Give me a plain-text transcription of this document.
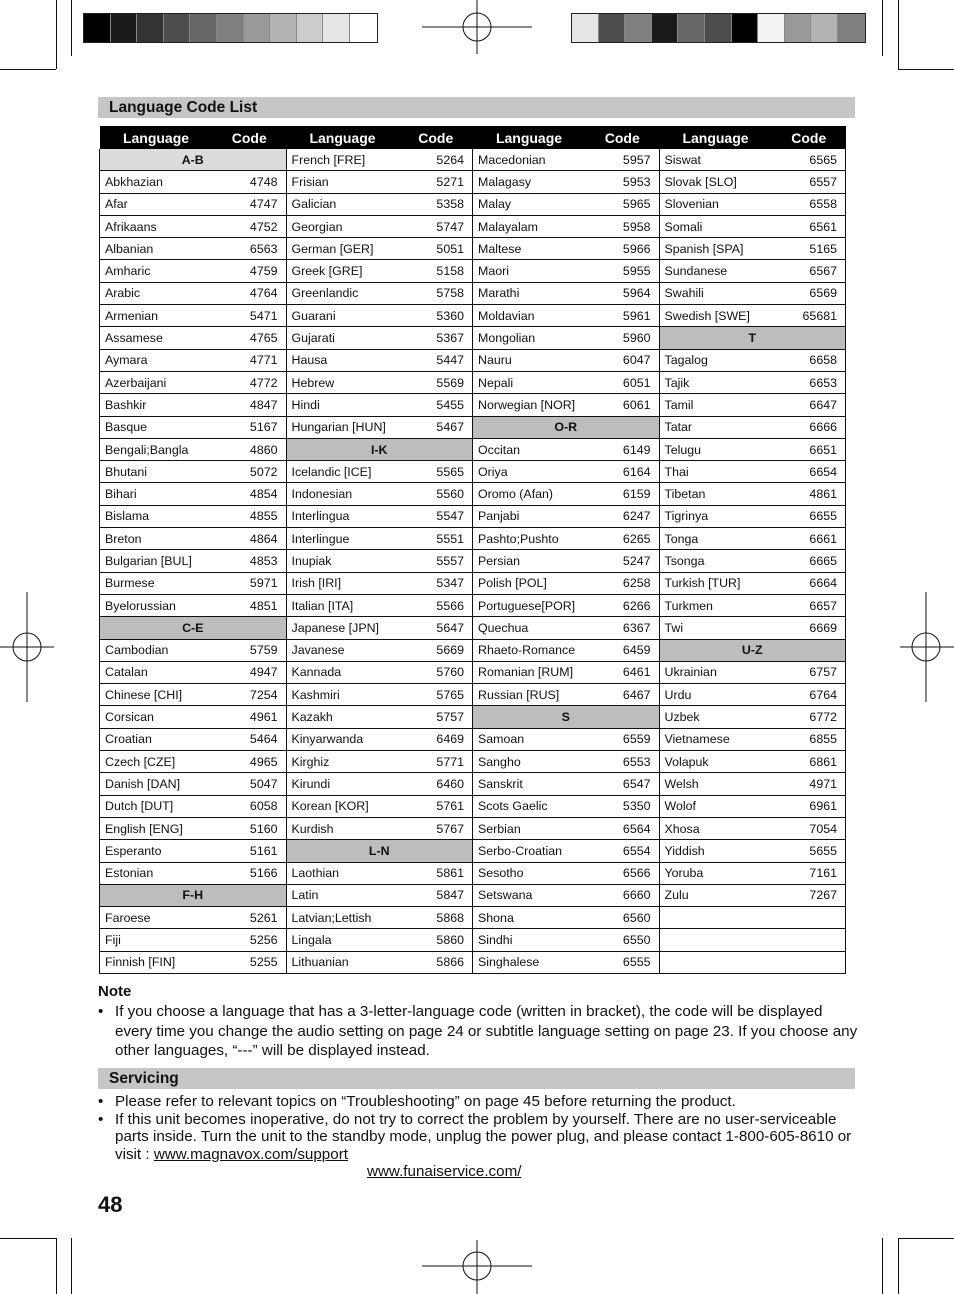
Language Code List
Language	Code	Language	Code	Language	Code	Language	Code
A-B		French [FRE]	5264	Macedonian	5957	Siswat	6565
Abkhazian	4748	Frisian	5271	Malagasy	5953	Slovak [SLO]	6557
Afar	4747	Galician	5358	Malay	5965	Slovenian	6558
Afrikaans	4752	Georgian	5747	Malayalam	5958	Somali	6561
Albanian	6563	German [GER]	5051	Maltese	5966	Spanish [SPA]	5165
Amharic	4759	Greek [GRE]	5158	Maori	5955	Sundanese	6567
Arabic	4764	Greenlandic	5758	Marathi	5964	Swahili	6569
Armenian	5471	Guarani	5360	Moldavian	5961	Swedish [SWE]	65681
Assamese	4765	Gujarati	5367	Mongolian	5960	T	
Aymara	4771	Hausa	5447	Nauru	6047	Tagalog	6658
Azerbaijani	4772	Hebrew	5569	Nepali	6051	Tajik	6653
Bashkir	4847	Hindi	5455	Norwegian [NOR]	6061	Tamil	6647
Basque	5167	Hungarian [HUN]	5467	O-R		Tatar	6666
Bengali;Bangla	4860	I-K		Occitan	6149	Telugu	6651
Bhutani	5072	Icelandic [ICE]	5565	Oriya	6164	Thai	6654
Bihari	4854	Indonesian	5560	Oromo (Afan)	6159	Tibetan	4861
Bislama	4855	Interlingua	5547	Panjabi	6247	Tigrinya	6655
Breton	4864	Interlingue	5551	Pashto;Pushto	6265	Tonga	6661
Bulgarian [BUL]	4853	Inupiak	5557	Persian	5247	Tsonga	6665
Burmese	5971	Irish [IRI]	5347	Polish [POL]	6258	Turkish [TUR]	6664
Byelorussian	4851	Italian [ITA]	5566	Portuguese[POR]	6266	Turkmen	6657
C-E		Japanese [JPN]	5647	Quechua	6367	Twi	6669
Cambodian	5759	Javanese	5669	Rhaeto-Romance	6459	U-Z	
Catalan	4947	Kannada	5760	Romanian [RUM]	6461	Ukrainian	6757
Chinese [CHI]	7254	Kashmiri	5765	Russian [RUS]	6467	Urdu	6764
Corsican	4961	Kazakh	5757	S		Uzbek	6772
Croatian	5464	Kinyarwanda	6469	Samoan	6559	Vietnamese	6855
Czech [CZE]	4965	Kirghiz	5771	Sangho	6553	Volapuk	6861
Danish [DAN]	5047	Kirundi	6460	Sanskrit	6547	Welsh	4971
Dutch [DUT]	6058	Korean [KOR]	5761	Scots Gaelic	5350	Wolof	6961
English [ENG]	5160	Kurdish	5767	Serbian	6564	Xhosa	7054
Esperanto	5161	L-N		Serbo-Croatian	6554	Yiddish	5655
Estonian	5166	Laothian	5861	Sesotho	6566	Yoruba	7161
F-H		Latin	5847	Setswana	6660	Zulu	7267
Faroese	5261	Latvian;Lettish	5868	Shona	6560		
Fiji	5256	Lingala	5860	Sindhi	6550		
Finnish [FIN]	5255	Lithuanian	5866	Singhalese	6555		
Note
• If you choose a language that has a 3-letter-language code (written in bracket), the code will be displayed every time you change the audio setting on page 24 or subtitle language setting on page 23. If you choose any other languages, “---” will be displayed instead.
Servicing
• Please refer to relevant topics on “Troubleshooting” on page 45 before returning the product.
• If this unit becomes inoperative, do not try to correct the problem by yourself. There are no user-serviceable parts inside. Turn the unit to the standby mode, unplug the power plug, and please contact 1-800-605-8610 or visit : www.magnavox.com/support
www.funaiservice.com/
48
